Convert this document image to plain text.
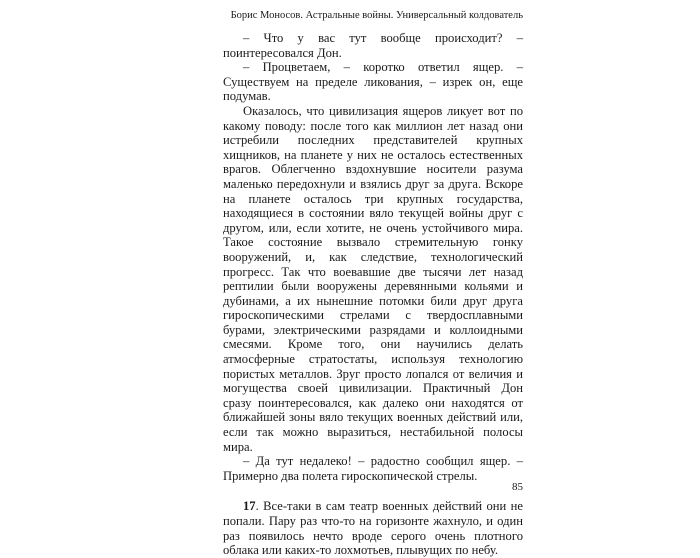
Борис Моносов. Астральные войны. Универсальный колдователь

– Что у вас тут вообще происходит? – поинтересовался Дон.

– Процветаем, – коротко ответил ящер. – Существуем на пределе ликования, – изрек он, еще подумав.

Оказалось, что цивилизация ящеров ликует вот по какому поводу: после того как миллион лет назад они истребили последних представителей крупных хищников, на планете у них не осталось естественных врагов. Облегченно вздохнувшие носители разума маленько передохнули и взялись друг за друга. Вскоре на планете осталось три крупных государства, находящиеся в состоянии вяло текущей войны друг с другом, или, если хотите, не очень устойчивого мира. Такое состояние вызвало стремительную гонку вооружений, и, как следствие, технологический прогресс. Так что воевавшие две тысячи лет назад рептилии были вооружены деревянными кольями и дубинами, а их нынешние потомки били друг друга гироскопическими стрелами с твердосплавными бурами, электрическими разрядами и коллоидными смесями. Кроме того, они научились делать атмосферные стратостаты, используя технологию пористых металлов. Зруг просто лопался от величия и могущества своей цивилизации. Практичный Дон сразу поинтересовался, как далеко они находятся от ближайшей зоны вяло текущих военных действий или, если так можно выразиться, нестабильной полосы мира.

– Да тут недалеко! – радостно сообщил ящер. – Примерно два полета гироскопической стрелы.

17. Все-таки в сам театр военных действий они не попали. Пару раз что-то на горизонте жахнуло, и один раз появилось нечто вроде серого очень плотного облака или каких-то лохмотьев, плывущих по небу.

85
